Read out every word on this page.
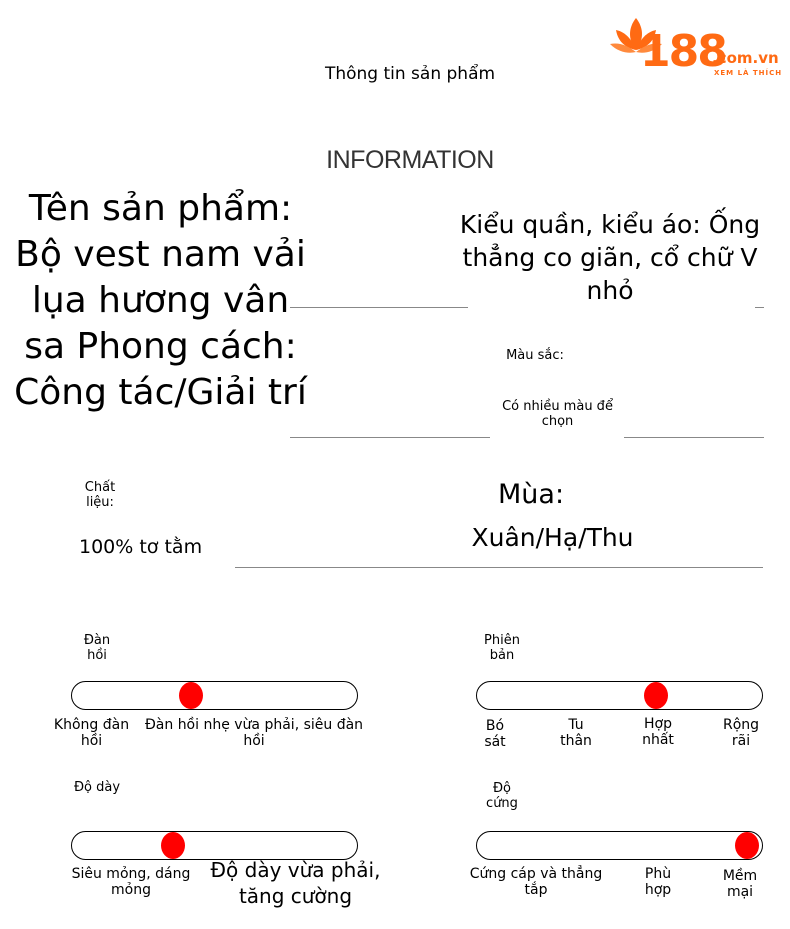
188
.com.vn
XEM LÀ THÍCH
Thông tin sản phẩm
INFORMATION
Tên sản phẩm: Bộ vest nam vải lụa hương vân sa Phong cách: Công tác/Giải trí
Kiểu quần, kiểu áo: Ống thẳng co giãn, cổ chữ V nhỏ
Màu sắc:
Có nhiều màu để chọn
Chất liệu:
100% tơ tằm
Mùa:
Xuân/Hạ/Thu
Đàn hồi
Không đàn hồi
Đàn hồi nhẹ vừa phải, siêu đàn hồi
Phiên bản
Bó sát
Tu thân
Hợp nhất
Rộng rãi
Độ dày
Siêu mỏng, dáng mỏng
Độ dày vừa phải, tăng cường
Độ cứng
Cứng cáp và thẳng tắp
Phù hợp
Mềm mại
